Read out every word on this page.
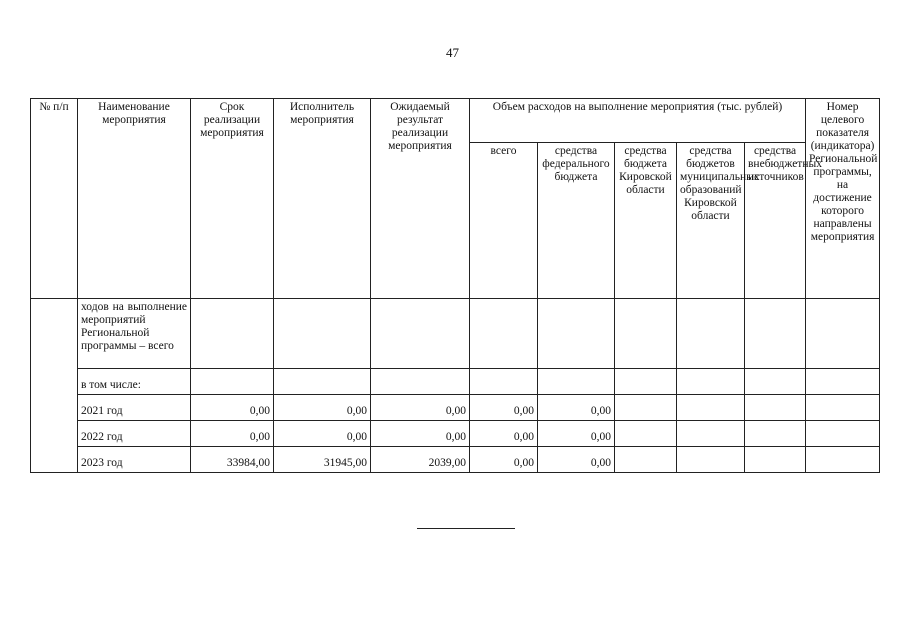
47
№ п/п	Наименование мероприятия	Срок реализации мероприятия	Исполнитель мероприятия	Ожидаемый результат реализации мероприятия	Объем расходов на выполнение мероприятия (тыс. рублей)					Номер целевого показателя (индикатора) Региональной программы, на достижение которого направлены мероприятия
					всего	средства федерального бюджета	средства бюджета Кировской области	средства бюджетов муниципальных образований Кировской области	средства внебюджетных источников	
	ходов на выполнение мероприятий Региональной программы – всего									
	в том числе:									
	2021 год	0,00	0,00	0,00	0,00	0,00				
	2022 год	0,00	0,00	0,00	0,00	0,00				
	2023 год	33984,00	31945,00	2039,00	0,00	0,00				
